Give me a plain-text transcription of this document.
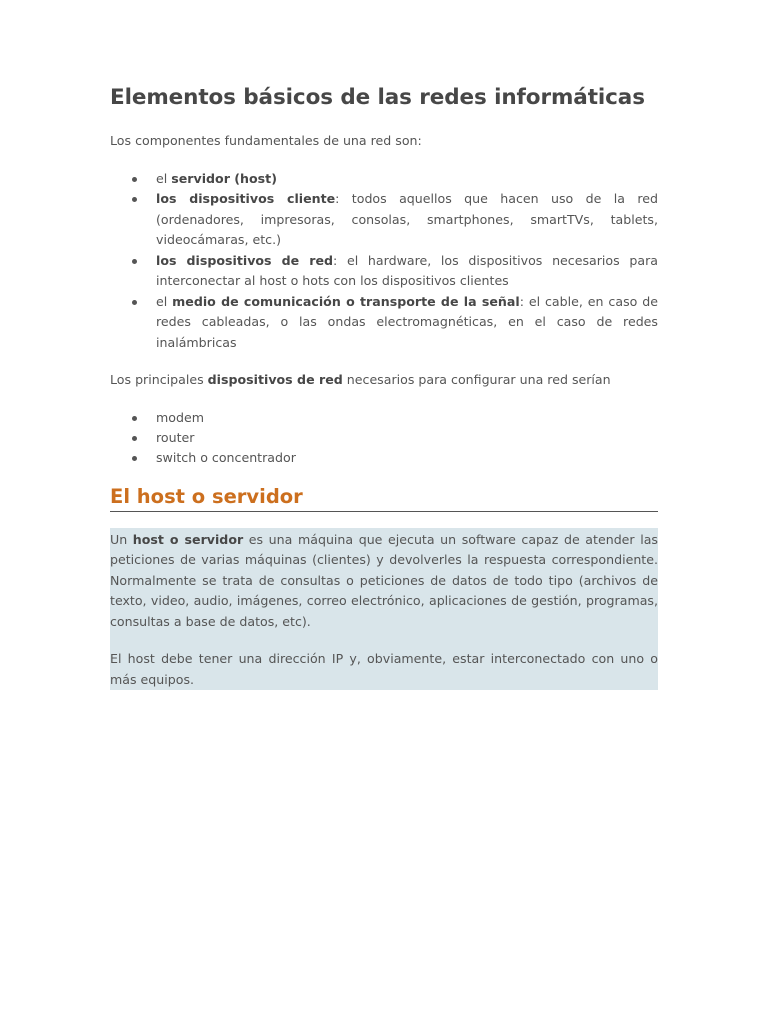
Elementos básicos de las redes informáticas

Los componentes fundamentales de una red son:

el servidor (host)
los dispositivos cliente: todos aquellos que hacen uso de la red (ordenadores, impresoras, consolas, smartphones, smartTVs, tablets, videocámaras, etc.)
los dispositivos de red: el hardware, los dispositivos necesarios para interconectar al host o hots con los dispositivos clientes
el medio de comunicación o transporte de la señal: el cable, en caso de redes cableadas, o las ondas electromagnéticas, en el caso de redes inalámbricas

Los principales dispositivos de red necesarios para configurar una red serían

modem
router
switch o concentrador
El host o servidor

Un host o servidor es una máquina que ejecuta un software capaz de atender las peticiones de varias máquinas (clientes) y devolverles la respuesta correspondiente. Normalmente se trata de consultas o peticiones de datos de todo tipo (archivos de texto, video, audio, imágenes, correo electrónico, aplicaciones de gestión, programas, consultas a base de datos, etc).

El host debe tener una dirección IP y, obviamente, estar interconectado con uno o más equipos.
